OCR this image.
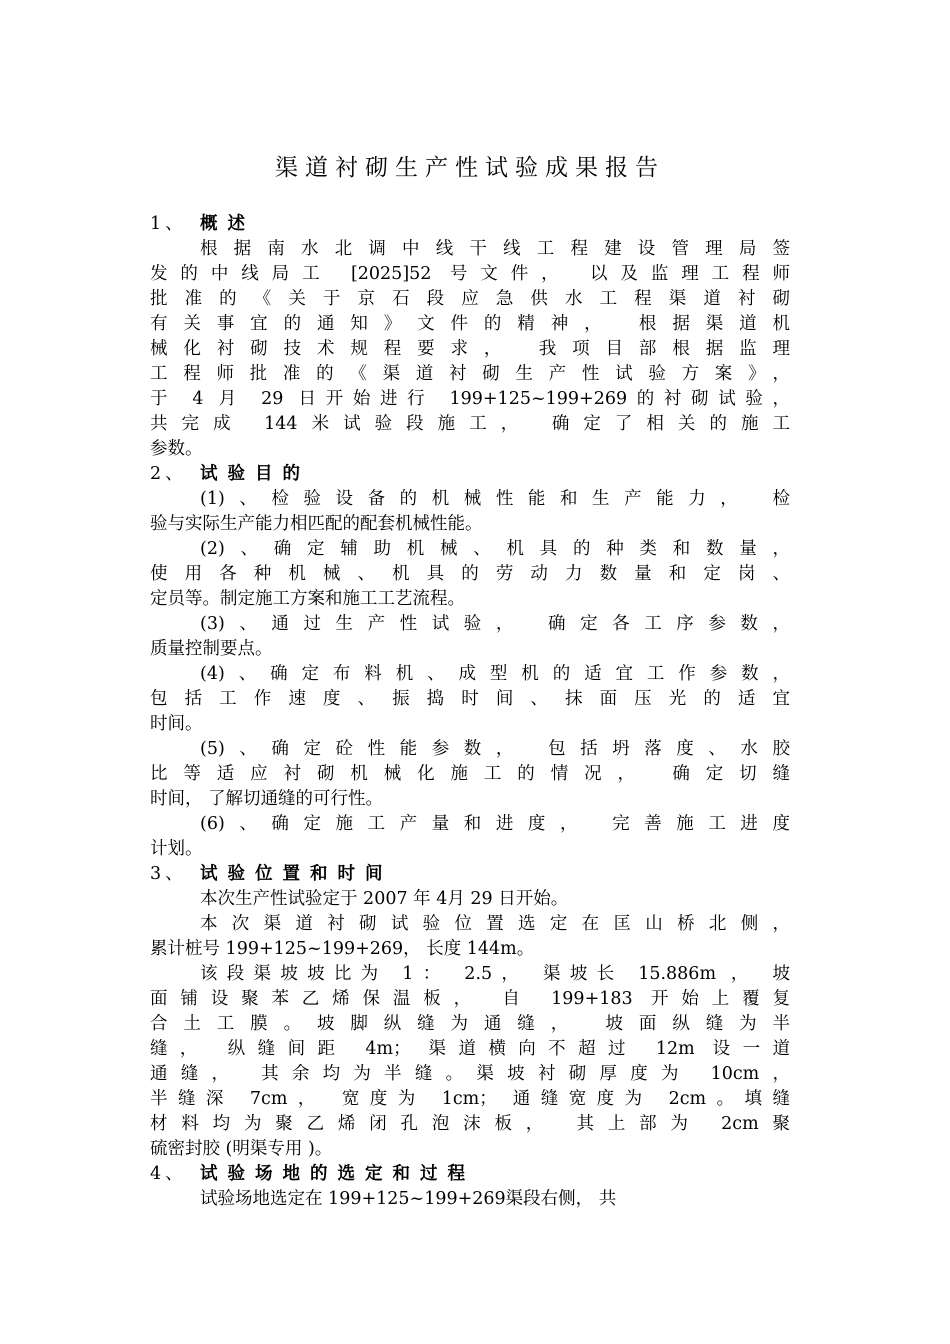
渠道衬砌生产性试验成果报告
1、 概述
根据南水北调中线干线工程建设管理局签
发的中线局工 [2025]52 号文件， 以及监理工程师
批准的《关于京石段应急供水工程渠道衬砌
有关事宜的通知》文件的精神， 根据渠道机
械化衬砌技术规程要求， 我项目部根据监理
工程师批准的《渠道衬砌生产性试验方案》，
于 4 月 29 日开始进行 199+125~199+269的衬砌试验，
共完成 144米试验段施工， 确定了相关的施工
参数。
2、 试验目的
(1)、检验设备的机械性能和生产能力， 检
验与实际生产能力相匹配的配套机械性能。
(2)、确定辅助机械、机具的种类和数量，
使用各种机械、机具的劳动力数量和定岗、
定员等。制定施工方案和施工工艺流程。
(3)、通过生产性试验， 确定各工序参数，
质量控制要点。
(4)、确定布料机、成型机的适宜工作参数，
包括工作速度、振捣时间、抹面压光的适宜
时间。
(5)、确定砼性能参数， 包括坍落度、水胶
比等适应衬砌机械化施工的情况， 确定切缝
时间， 了解切通缝的可行性。
(6)、确定施工产量和进度， 完善施工进度
计划。
3、 试验位置和时间
本次生产性试验定于 2007 年 4月 29 日开始。
本次渠道衬砌试验位置选定在匡山桥北侧，
累计桩号 199+125~199+269， 长度 144m。
该段渠坡坡比为 1： 2.5， 渠坡长 15.886m ， 坡
面铺设聚苯乙烯保温板， 自 199+183 开始上覆复
合土工膜。坡脚纵缝为通缝， 坡面纵缝为半
缝， 纵缝间距 4m； 渠道横向不超过 12m 设一道
通缝， 其余均为半缝。渠坡衬砌厚度为 10cm，
半缝深 7cm， 宽度为 1cm； 通缝宽度为 2cm。填缝
材料均为聚乙烯闭孔泡沫板， 其上部为 2cm聚
硫密封胶 (明渠专用 )。
4、 试验场地的选定和过程
试验场地选定在 199+125~199+269渠段右侧， 共
